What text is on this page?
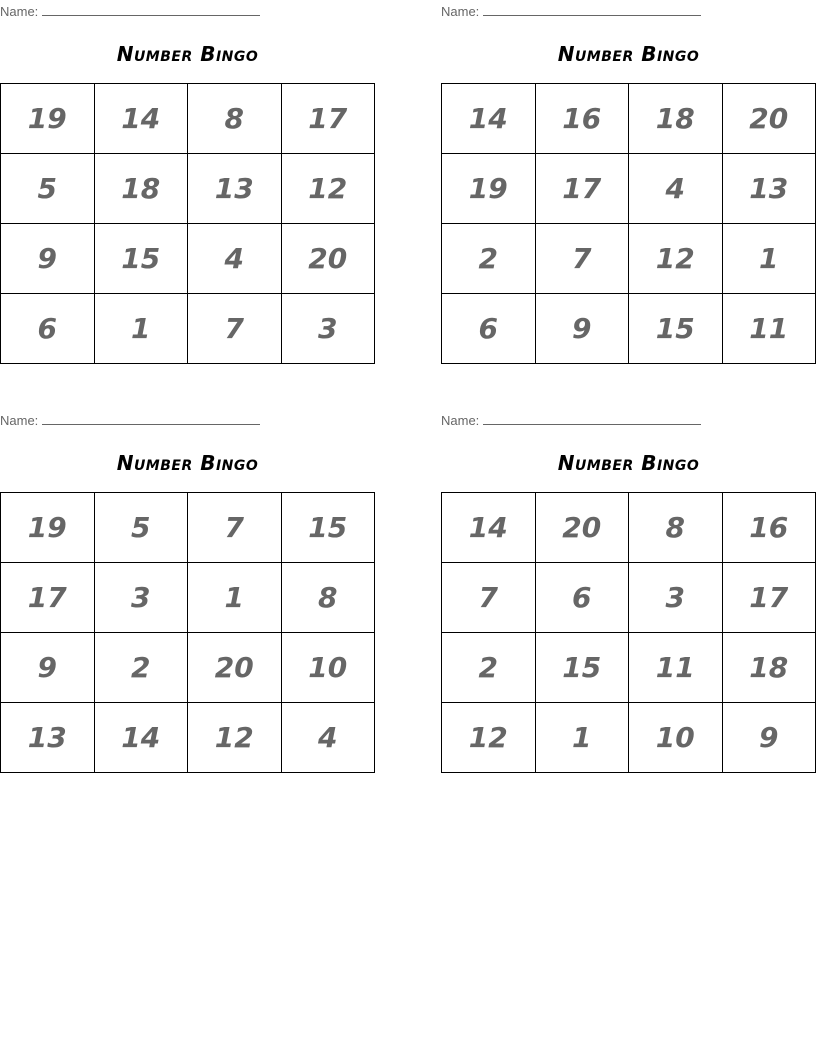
Name:
Number Bingo
19	14	8	17
5	18	13	12
9	15	4	20
6	1	7	3
Name:
Number Bingo
14	16	18	20
19	17	4	13
2	7	12	1
6	9	15	11
Name:
Number Bingo
19	5	7	15
17	3	1	8
9	2	20	10
13	14	12	4
Name:
Number Bingo
14	20	8	16
7	6	3	17
2	15	11	18
12	1	10	9
